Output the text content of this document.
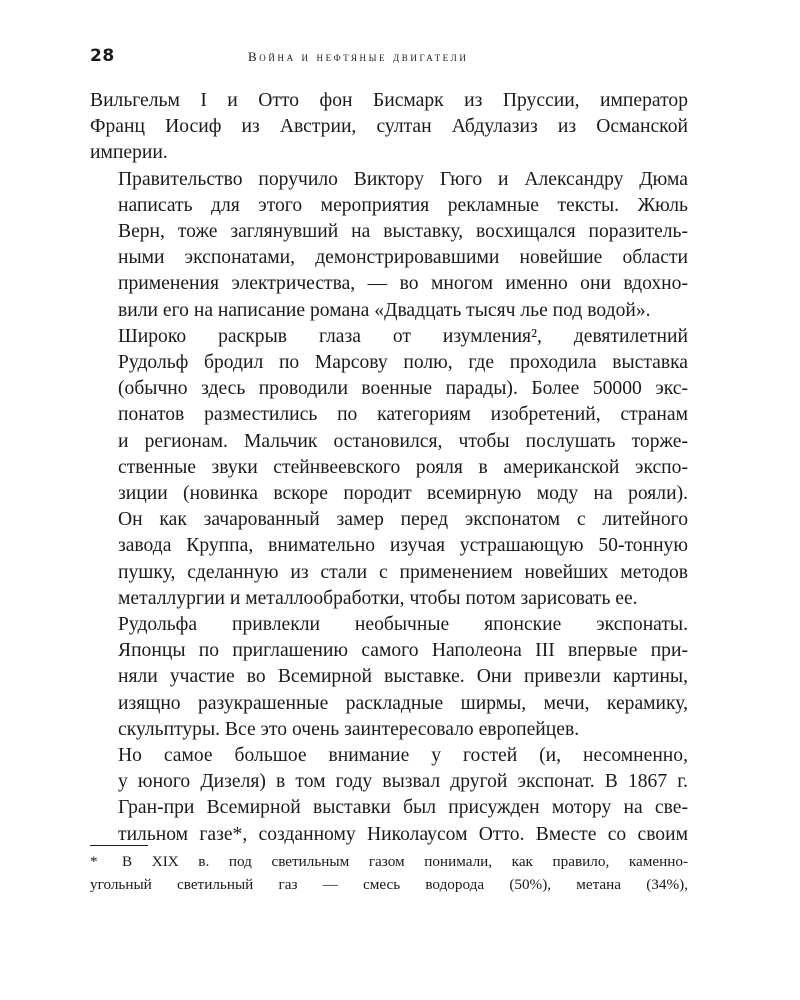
28	Война и нефтяные двигатели

Вильгельм I и Отто фон Бисмарк из Пруссии, император
Франц Иосиф из Австрии, султан Абдулазиз из Османской
империи.

Правительство поручило Виктору Гюго и Александру Дюма
написать для этого мероприятия рекламные тексты. Жюль
Верн, тоже заглянувший на выставку, восхищался поразитель-
ными экспонатами, демонстрировавшими новейшие области
применения электричества, — во многом именно они вдохно-
вили его на написание романа «Двадцать тысяч лье под водой».

Широко раскрыв глаза от изумления², девятилетний
Рудольф бродил по Марсову полю, где проходила выставка
(обычно здесь проводили военные парады). Более 50000 экс-
понатов разместились по категориям изобретений, странам
и регионам. Мальчик остановился, чтобы послушать торже-
ственные звуки стейнвеевского рояля в американской экспо-
зиции (новинка вскоре породит всемирную моду на рояли).
Он как зачарованный замер перед экспонатом с литейного
завода Круппа, внимательно изучая устрашающую 50-тонную
пушку, сделанную из стали с применением новейших методов
металлургии и металлообработки, чтобы потом зарисовать ее.

Рудольфа привлекли необычные японские экспонаты.
Японцы по приглашению самого Наполеона III впервые при-
няли участие во Всемирной выставке. Они привезли картины,
изящно разукрашенные раскладные ширмы, мечи, керамику,
скульптуры. Все это очень заинтересовало европейцев.

Но самое большое внимание у гостей (и, несомненно,
у юного Дизеля) в том году вызвал другой экспонат. В 1867 г.
Гран-при Всемирной выставки был присужден мотору на све-
тильном газе*, созданному Николаусом Отто. Вместе со своим

* В XIX в. под светильным газом понимали, как правило, каменно-
угольный светильный газ — смесь водорода (50%), метана (34%),
